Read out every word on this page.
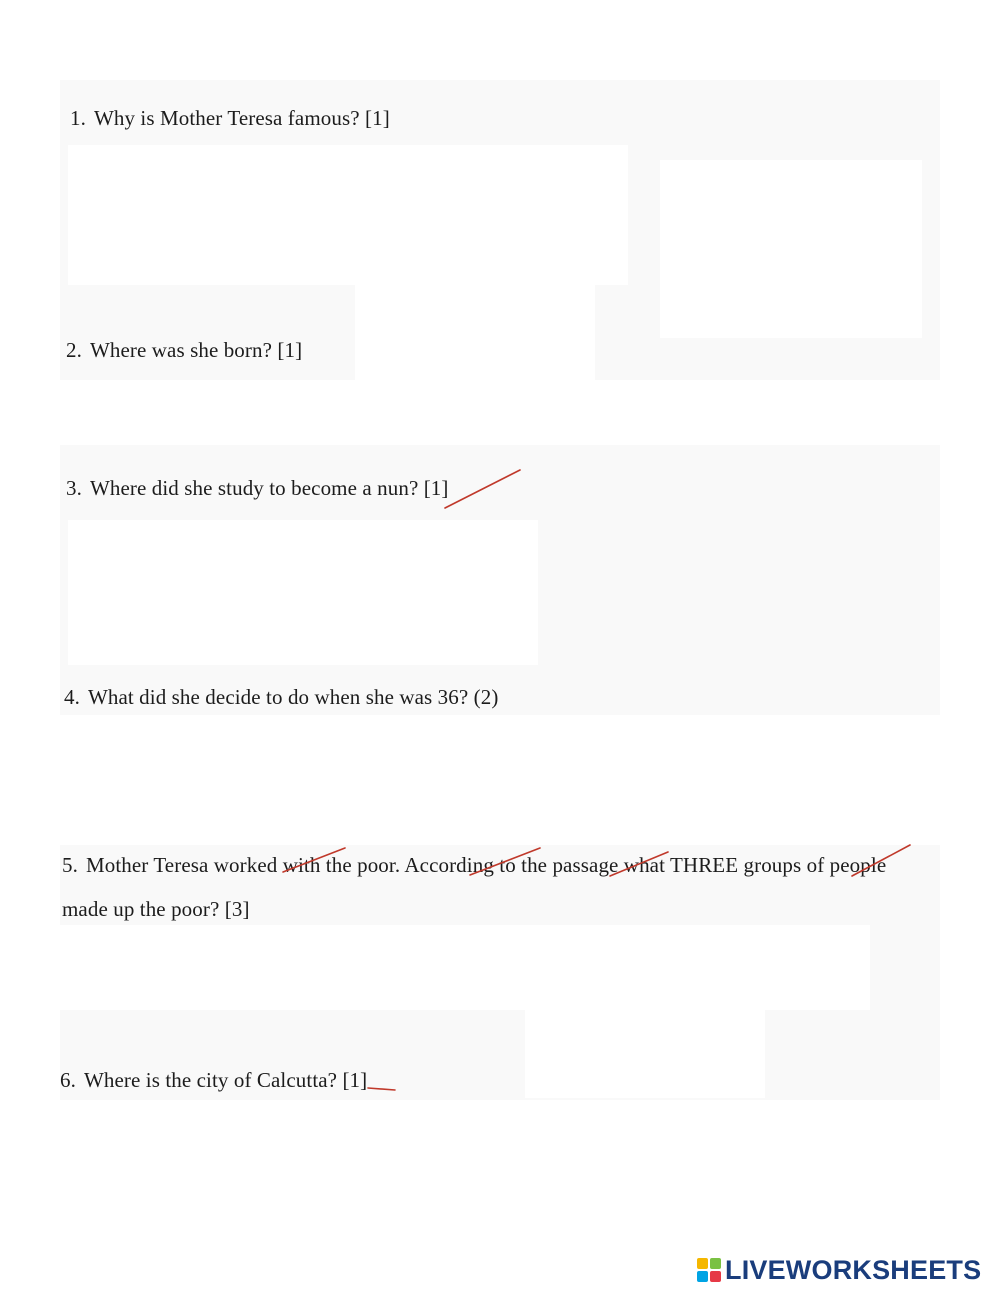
1. Why is Mother Teresa famous? [1]
2. Where was she born? [1]
3. Where did she study to become a nun? [1]
4. What did she decide to do when she was 36? (2)
5. Mother Teresa worked with the poor. According to the passage what THREE groups of people made up the poor? [3]
6. Where is the city of Calcutta? [1]
LIVEWORKSHEETS
